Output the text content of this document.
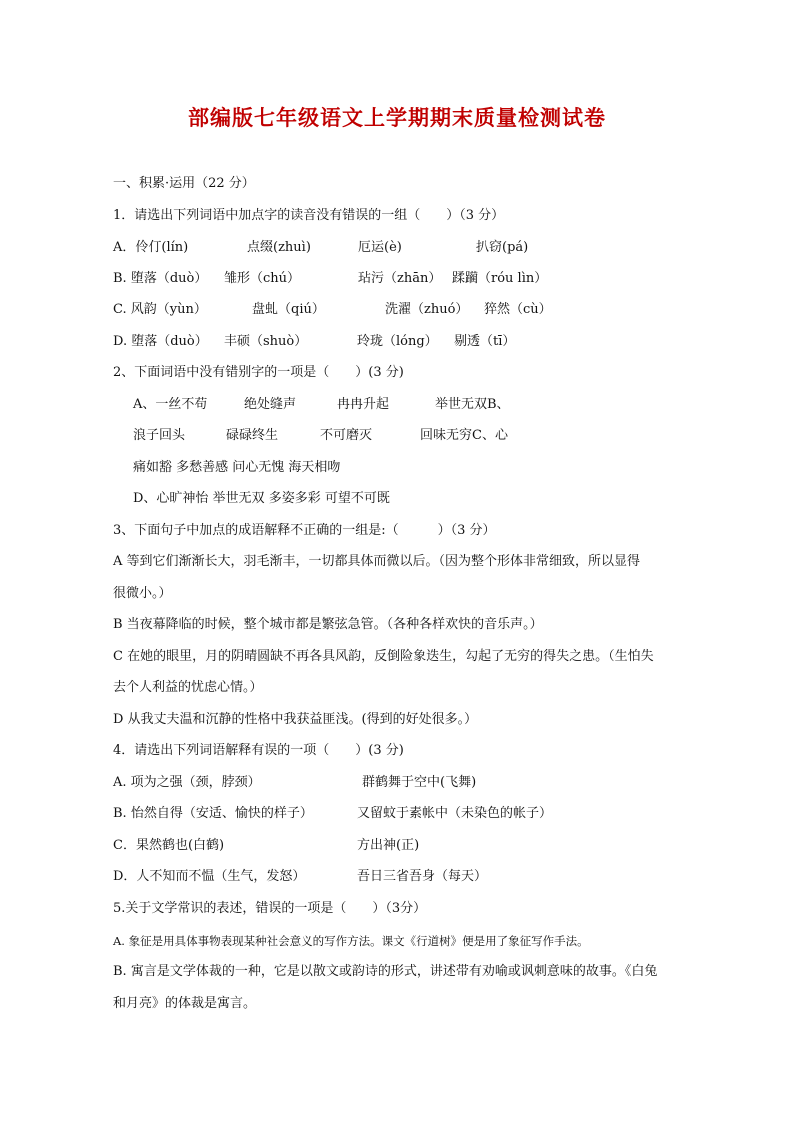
部编版七年级语文上学期期末质量检测试卷
一、积累·运用（22 分）
1．请选出下列词语中加点字的读音没有错误的一组（　　）（3 分）
A．伶仃(lín)	点缀(zhuì)	厄运(è)	扒窃(pá)
B. 堕落（duò） 雏形（chú）	玷污（zhān） 蹂躏（róu lìn）
C. 风韵（yùn）	盘虬（qiú）	洗濯（zhuó） 猝然（cù）
D. 堕落（duò） 丰硕（shuò）	玲珑（lóng） 剔透（tī）
2、下面词语中没有错别字的一项是（　　）(3 分)
A、一丝不苟	绝处缝声	冉冉升起	举世无双B、
浪子回头	碌碌终生	不可磨灭	回味无穷C、心
痛如豁 多愁善感 问心无愧 海天相吻
D、心旷神怡 举世无双 多姿多彩 可望不可既
3、下面句子中加点的成语解释不正确的一组是:（　　　）（3 分）
A 等到它们渐渐长大，羽毛渐丰，一切都具体而微以后。（因为整个形体非常细致，所以显得
很微小。）
B 当夜幕降临的时候，整个城市都是繁弦急管。（各种各样欢快的音乐声。）
C 在她的眼里，月的阴晴圆缺不再各具风韵，反倒险象迭生，勾起了无穷的得失之患。（生怕失
去个人利益的忧虑心情。）
D 从我丈夫温和沉静的性格中我获益匪浅。(得到的好处很多。）
4．请选出下列词语解释有误的一项（　　）(3 分)
A. 项为之强（颈，脖颈）	群鹤舞于空中(飞舞)
B. 怡然自得（安适、愉快的样子）	又留蚊于素帐中（未染色的帐子）
C．果然鹤也(白鹤)	方出神(正)
D．人不知而不愠（生气，发怒）	吾日三省吾身（每天）
5.关于文学常识的表述，错误的一项是（　　）（3分）
A. 象征是用具体事物表现某种社会意义的写作方法。课文《行道树》便是用了象征写作手法。
B. 寓言是文学体裁的一种，它是以散文或韵诗的形式，讲述带有劝喻或讽刺意味的故事。《白兔
和月亮》的体裁是寓言。
